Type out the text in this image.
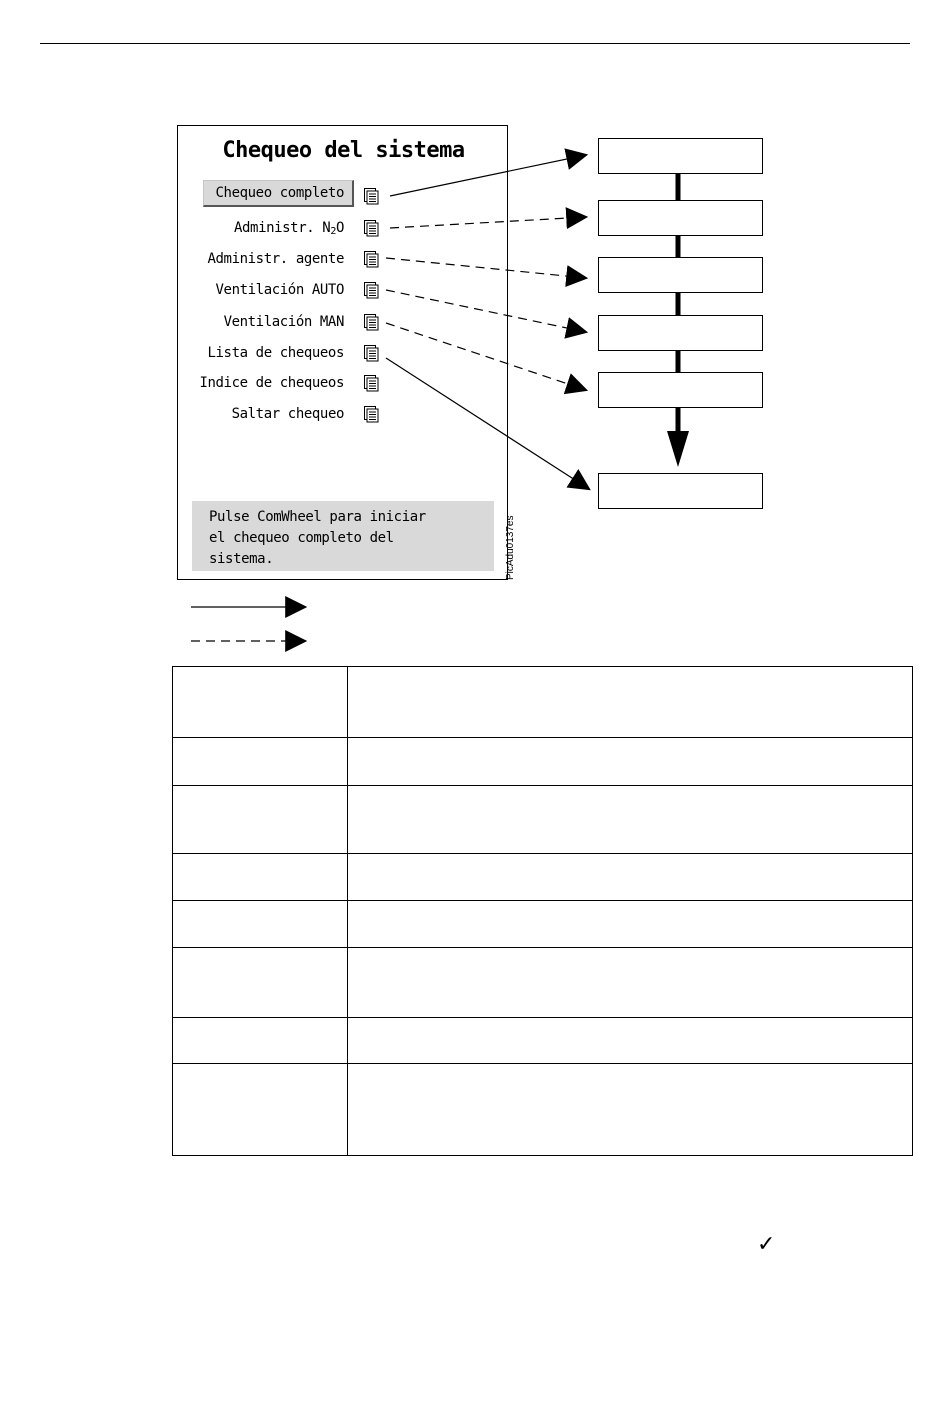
Chequeo del sistema
Chequeo completo
Administr. $N_2O$
Administr. agente
Ventilación AUTO
Ventilación MAN
Lista de chequeos
Indice de chequeos
Saltar chequeo
Pulse ComWheel para iniciar
el chequeo completo del
sistema.	PicAdu0137es

✓
